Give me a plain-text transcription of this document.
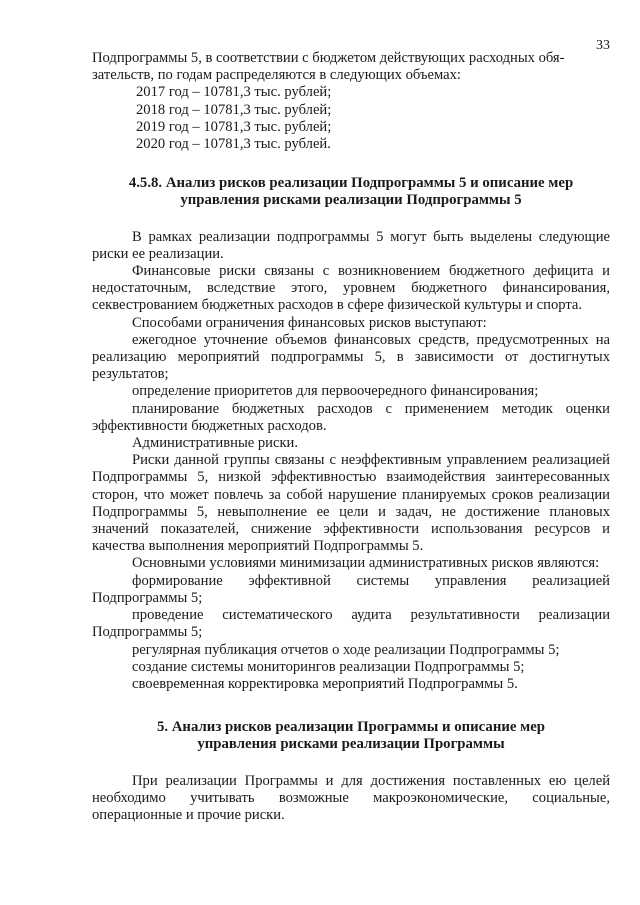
33

Подпрограммы 5, в соответствии с бюджетом действующих расходных обя-

зательств, по годам распределяются в следующих объемах:

2017 год – 10781,3 тыс. рублей;

2018 год – 10781,3 тыс. рублей;

2019 год – 10781,3 тыс. рублей;

2020 год – 10781,3 тыс. рублей.

4.5.8. Анализ рисков реализации Подпрограммы 5 и описание мер

управления рисками реализации Подпрограммы 5

В рамках реализации подпрограммы 5 могут быть выделены следующие риски ее реализации.

Финансовые риски связаны с возникновением бюджетного дефицита и недостаточным, вследствие этого, уровнем бюджетного финансирования, секвестрованием бюджетных расходов в сфере физической культуры и спорта.

Способами ограничения финансовых рисков выступают:

ежегодное уточнение объемов финансовых средств, предусмотренных на реализацию мероприятий подпрограммы 5, в зависимости от достигнутых результатов;

определение приоритетов для первоочередного финансирования;

планирование бюджетных расходов с применением методик оценки эффективности бюджетных расходов.

Административные риски.

Риски данной группы связаны с неэффективным управлением реализацией Подпрограммы 5, низкой эффективностью взаимодействия заинтересованных сторон, что может повлечь за собой нарушение планируемых сроков реализации Подпрограммы 5, невыполнение ее цели и задач, не достижение плановых значений показателей, снижение эффективности использования ресурсов и качества выполнения мероприятий Подпрограммы 5.

Основными условиями минимизации административных рисков являются:

формирование эффективной системы управления реализацией Подпрограммы 5;

проведение систематического аудита результативности реализации Подпрограммы 5;

регулярная публикация отчетов о ходе реализации Подпрограммы 5;

создание системы мониторингов реализации Подпрограммы 5;

своевременная корректировка мероприятий Подпрограммы 5.

5. Анализ рисков реализации Программы и описание мер

управления рисками реализации Программы

При реализации Программы и для достижения поставленных ею целей необходимо учитывать возможные макроэкономические, социальные, операционные и прочие риски.
